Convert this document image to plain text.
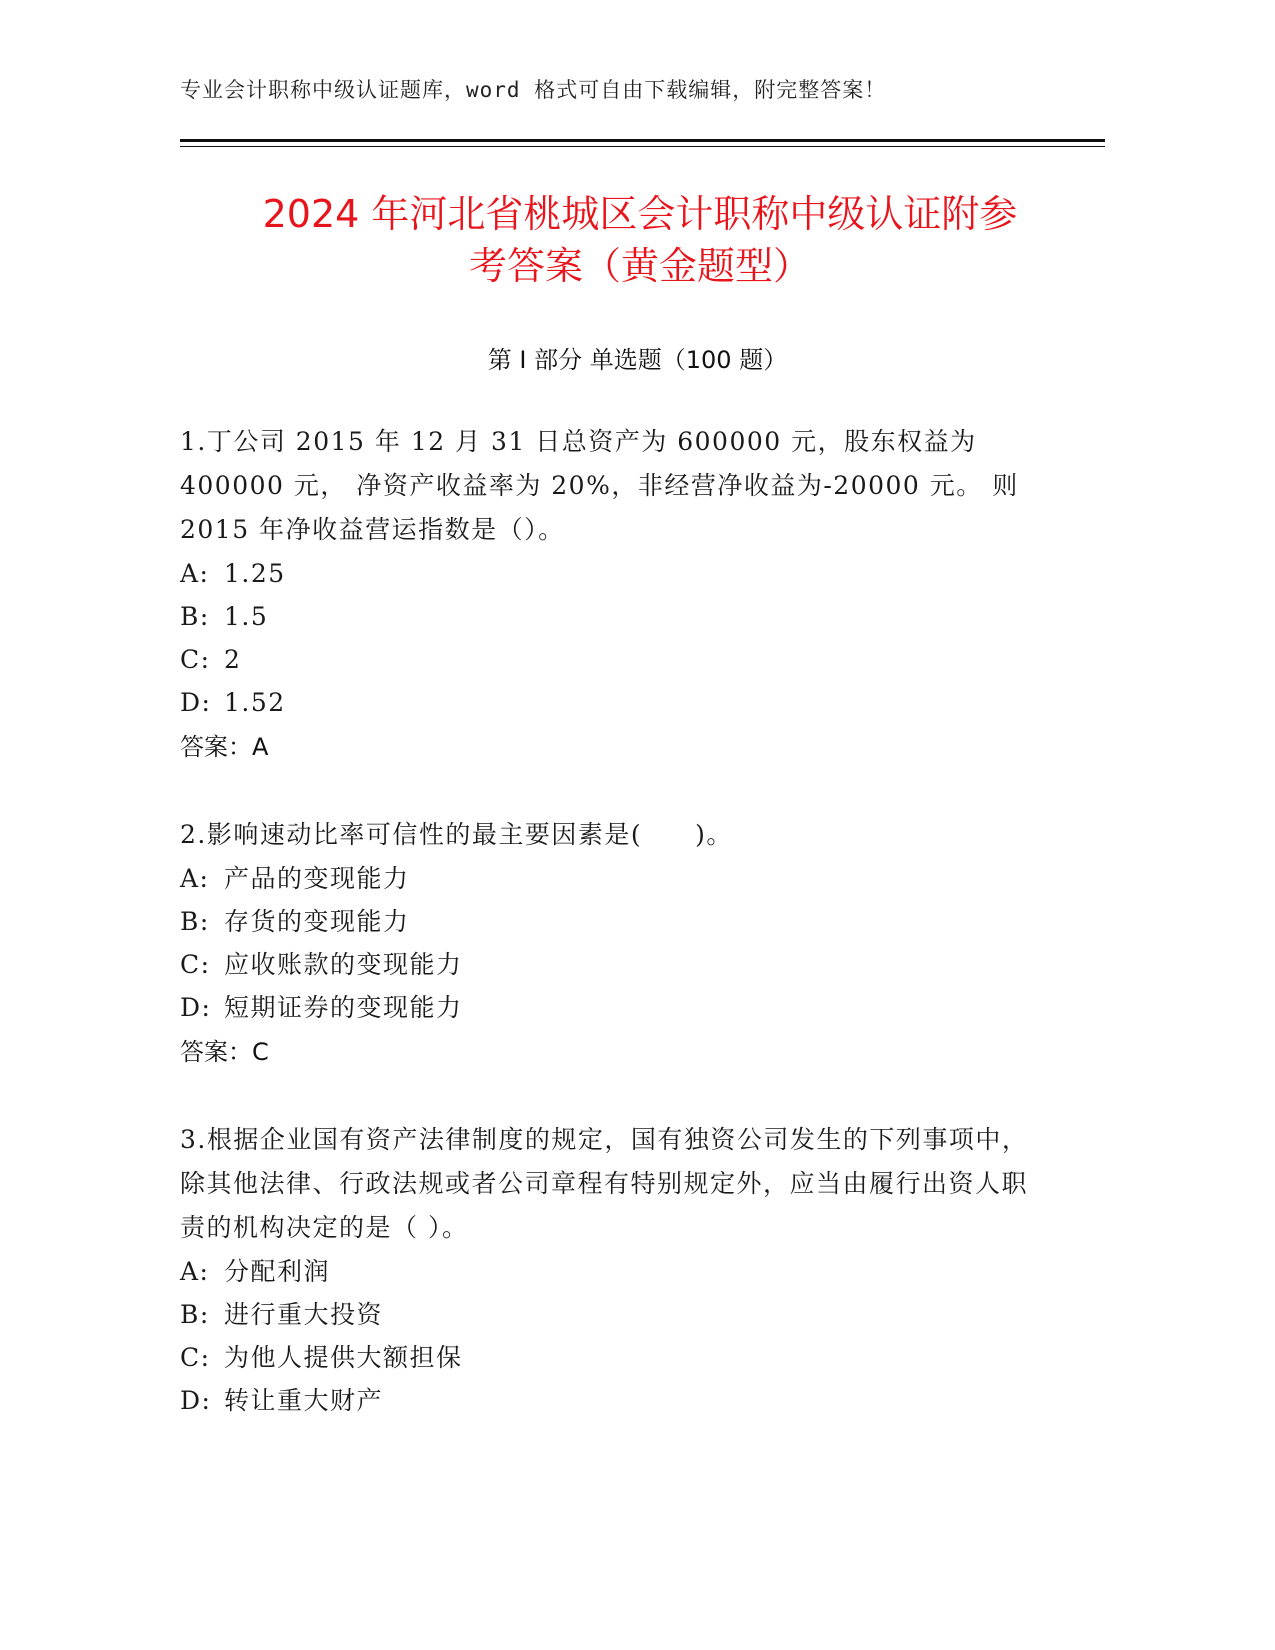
专业会计职称中级认证题库，word 格式可自由下载编辑，附完整答案！
2024 年河北省桃城区会计职称中级认证附参
考答案（黄金题型）
第 I 部分 单选题（100 题）

1.丁公司 2015 年 12 月 31 日总资产为 600000 元，股东权益为 400000 元， 净资产收益率为 20%，非经营净收益为-20000 元。 则 2015 年净收益营运指数是（）。

A: 1.25
B: 1.5
C: 2
D: 1.52
答案：A

2.影响速动比率可信性的最主要因素是(　　)。

A: 产品的变现能力
B: 存货的变现能力
C: 应收账款的变现能力
D: 短期证券的变现能力
答案：C

3.根据企业国有资产法律制度的规定，国有独资公司发生的下列事项中，除其他法律、行政法规或者公司章程有特别规定外，应当由履行出资人职责的机构决定的是（ ）。

A: 分配利润
B: 进行重大投资
C: 为他人提供大额担保
D: 转让重大财产
